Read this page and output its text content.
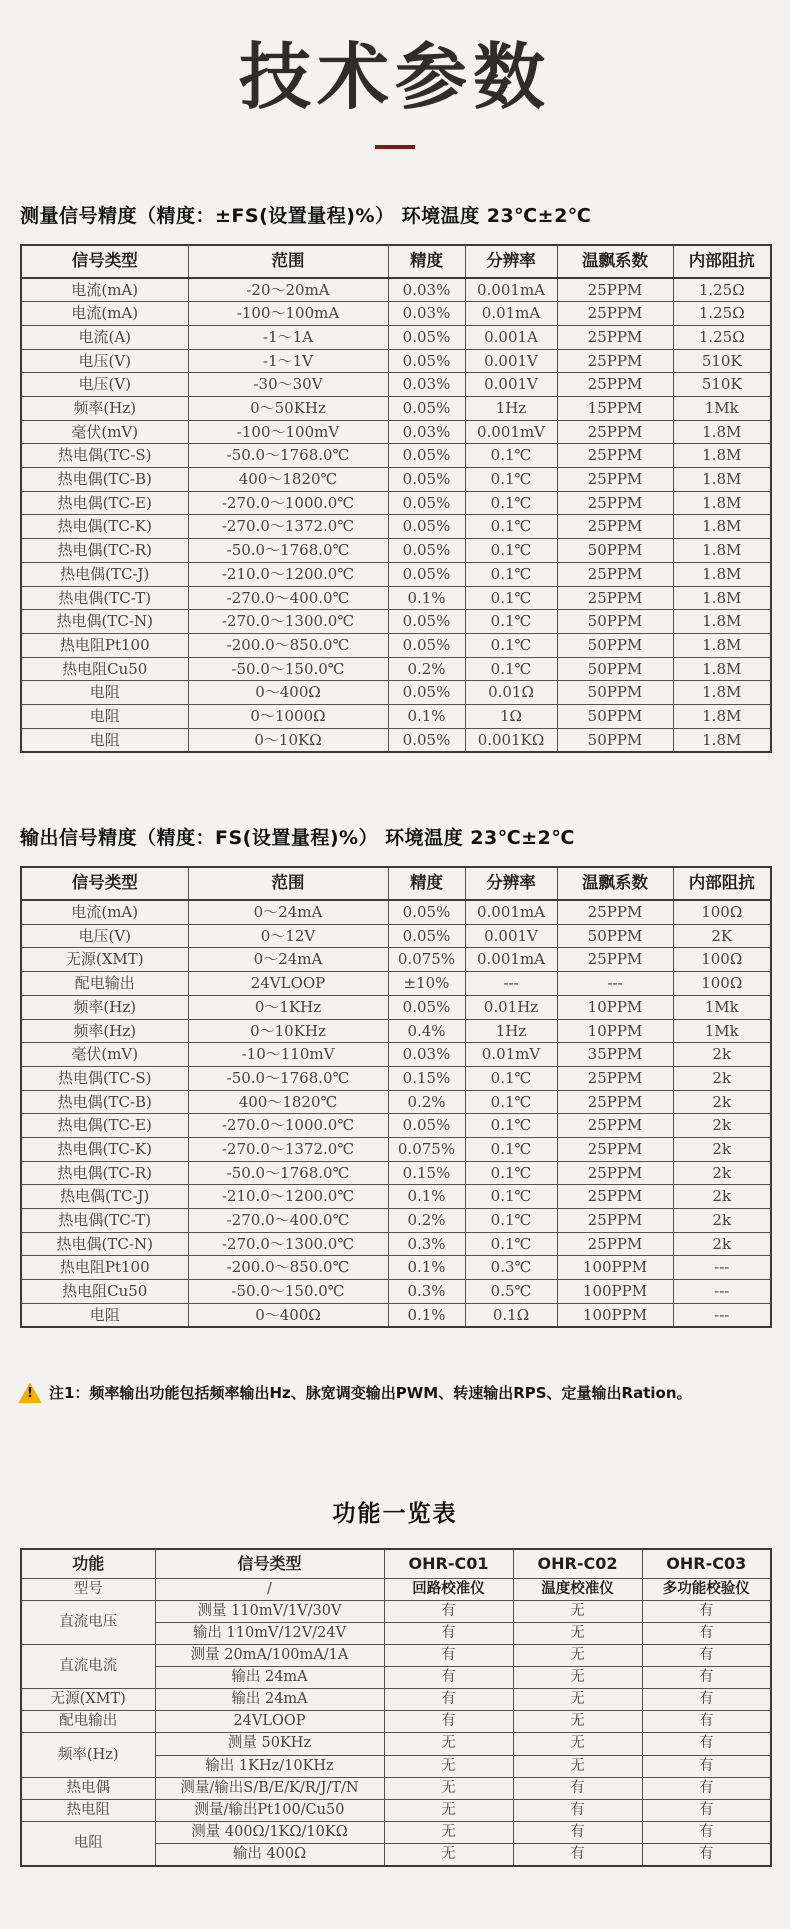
技术参数
测量信号精度（精度：±FS(设置量程)%） 环境温度 23℃±2℃
信号类型	范围	精度	分辨率	温飘系数	内部阻抗
电流(mA)	-20～20mA	0.03%	0.001mA	25PPM	1.25Ω
电流(mA)	-100～100mA	0.03%	0.01mA	25PPM	1.25Ω
电流(A)	-1～1A	0.05%	0.001A	25PPM	1.25Ω
电压(V)	-1～1V	0.05%	0.001V	25PPM	510K
电压(V)	-30～30V	0.03%	0.001V	25PPM	510K
频率(Hz)	0～50KHz	0.05%	1Hz	15PPM	1Mk
毫伏(mV)	-100～100mV	0.03%	0.001mV	25PPM	1.8M
热电偶(TC-S)	-50.0～1768.0℃	0.05%	0.1℃	25PPM	1.8M
热电偶(TC-B)	400～1820℃	0.05%	0.1℃	25PPM	1.8M
热电偶(TC-E)	-270.0～1000.0℃	0.05%	0.1℃	25PPM	1.8M
热电偶(TC-K)	-270.0～1372.0℃	0.05%	0.1℃	25PPM	1.8M
热电偶(TC-R)	-50.0～1768.0℃	0.05%	0.1℃	50PPM	1.8M
热电偶(TC-J)	-210.0～1200.0℃	0.05%	0.1℃	25PPM	1.8M
热电偶(TC-T)	-270.0～400.0℃	0.1%	0.1℃	25PPM	1.8M
热电偶(TC-N)	-270.0～1300.0℃	0.05%	0.1℃	50PPM	1.8M
热电阻Pt100	-200.0～850.0℃	0.05%	0.1℃	50PPM	1.8M
热电阻Cu50	-50.0～150.0℃	0.2%	0.1℃	50PPM	1.8M
电阻	0～400Ω	0.05%	0.01Ω	50PPM	1.8M
电阻	0～1000Ω	0.1%	1Ω	50PPM	1.8M
电阻	0～10KΩ	0.05%	0.001KΩ	50PPM	1.8M
输出信号精度（精度：FS(设置量程)%） 环境温度 23℃±2℃
信号类型	范围	精度	分辨率	温飘系数	内部阻抗
电流(mA)	0～24mA	0.05%	0.001mA	25PPM	100Ω
电压(V)	0～12V	0.05%	0.001V	50PPM	2K
无源(XMT)	0～24mA	0.075%	0.001mA	25PPM	100Ω
配电输出	24VLOOP	±10%	---	---	100Ω
频率(Hz)	0～1KHz	0.05%	0.01Hz	10PPM	1Mk
频率(Hz)	0～10KHz	0.4%	1Hz	10PPM	1Mk
毫伏(mV)	-10～110mV	0.03%	0.01mV	35PPM	2k
热电偶(TC-S)	-50.0～1768.0℃	0.15%	0.1℃	25PPM	2k
热电偶(TC-B)	400～1820℃	0.2%	0.1℃	25PPM	2k
热电偶(TC-E)	-270.0～1000.0℃	0.05%	0.1℃	25PPM	2k
热电偶(TC-K)	-270.0～1372.0℃	0.075%	0.1℃	25PPM	2k
热电偶(TC-R)	-50.0～1768.0℃	0.15%	0.1℃	25PPM	2k
热电偶(TC-J)	-210.0～1200.0℃	0.1%	0.1℃	25PPM	2k
热电偶(TC-T)	-270.0～400.0℃	0.2%	0.1℃	25PPM	2k
热电偶(TC-N)	-270.0～1300.0℃	0.3%	0.1℃	25PPM	2k
热电阻Pt100	-200.0～850.0℃	0.1%	0.3℃	100PPM	---
热电阻Cu50	-50.0～150.0℃	0.3%	0.5℃	100PPM	---
电阻	0～400Ω	0.1%	0.1Ω	100PPM	---
!
注1：频率输出功能包括频率输出Hz、脉宽调变输出PWM、转速输出RPS、定量输出Ration。
功能一览表
功能	信号类型	OHR-C01	OHR-C02	OHR-C03
型号	/	回路校准仪	温度校准仪	多功能校验仪
直流电压	测量 110mV/1V/30V	有	无	有
	输出 110mV/12V/24V	有	无	有
直流电流	测量 20mA/100mA/1A	有	无	有
	输出 24mA	有	无	有
无源(XMT)	输出 24mA	有	无	有
配电输出	24VLOOP	有	无	有
频率(Hz)	测量 50KHz	无	无	有
	输出 1KHz/10KHz	无	无	有
热电偶	测量/输出S/B/E/K/R/J/T/N	无	有	有
热电阻	测量/输出Pt100/Cu50	无	有	有
电阻	测量 400Ω/1KΩ/10KΩ	无	有	有
	输出 400Ω	无	有	有
